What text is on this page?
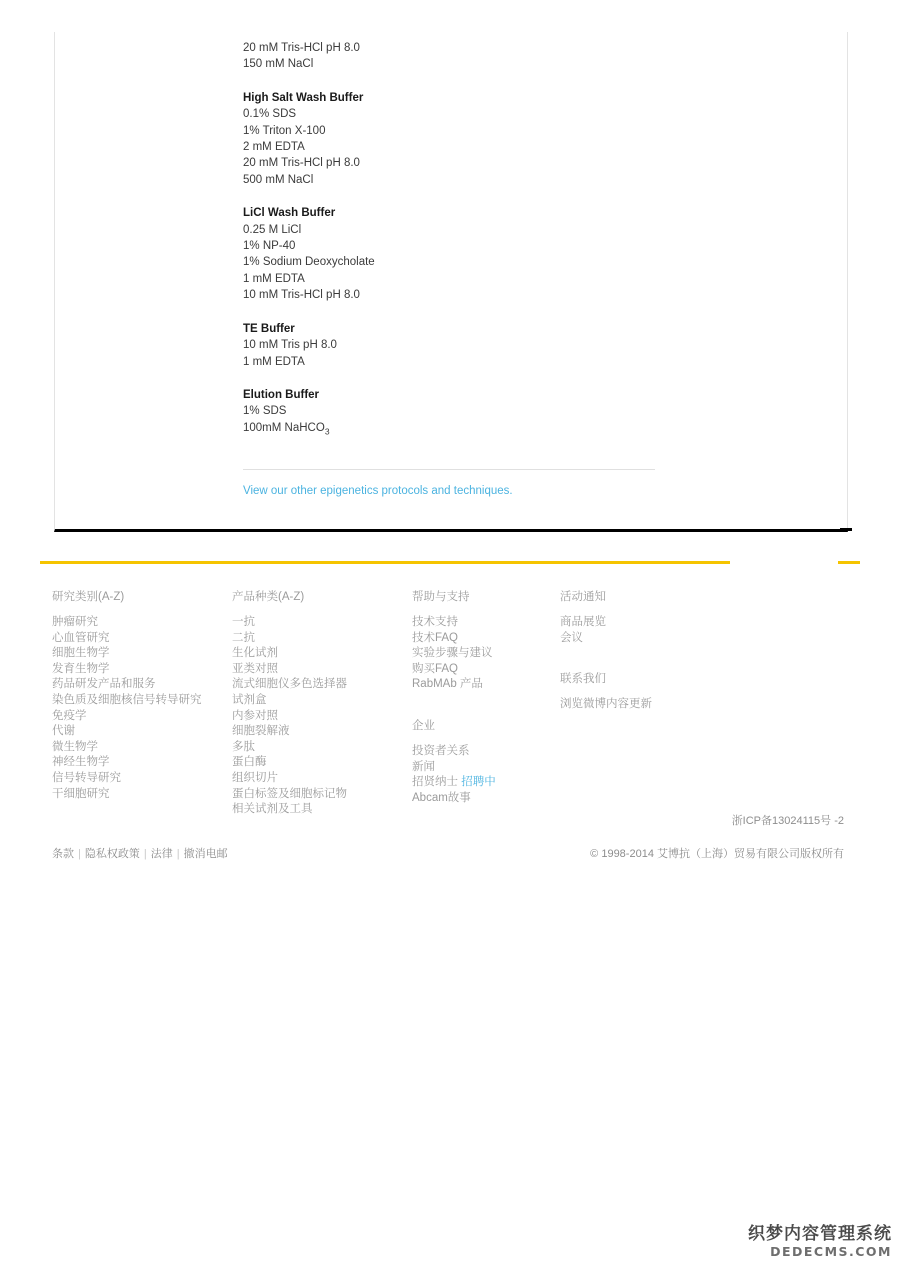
20 mM Tris-HCl pH 8.0
150 mM NaCl
High Salt Wash Buffer
0.1% SDS
1% Triton X-100
2 mM EDTA
20 mM Tris-HCl pH 8.0
500 mM NaCl
LiCl Wash Buffer
0.25 M LiCl
1% NP-40
1% Sodium Deoxycholate
1 mM EDTA
10 mM Tris-HCl pH 8.0
TE Buffer
10 mM Tris pH 8.0
1 mM EDTA
Elution Buffer
1% SDS
100mM NaHCO$_3$
View our other epigenetics protocols and techniques.
研究类别(A-Z)
肿瘤研究
心血管研究
细胞生物学
发育生物学
药品研发产品和服务
染色质及细胞核信号转导研究
免疫学
代谢
微生物学
神经生物学
信号转导研究
干细胞研究
产品种类(A-Z)
一抗
二抗
生化试剂
亚类对照
流式细胞仪多色选择器
试剂盒
内参对照
细胞裂解液
多肽
蛋白酶
组织切片
蛋白标签及细胞标记物
相关试剂及工具
帮助与支持
技术支持
技术FAQ
实验步骤与建议
购买FAQ
RabMAb 产品
企业
投资者关系
新闻
招贤纳士 招聘中
Abcam故事
活动通知
商品展览
会议
联系我们
浏览微博内容更新
浙ICP备13024115号 -2
条款 | 隐私权政策 | 法律 | 撤消电邮	© 1998-2014 艾博抗（上海）贸易有限公司版权所有
织梦内容管理系统
DEDECMS.COM
